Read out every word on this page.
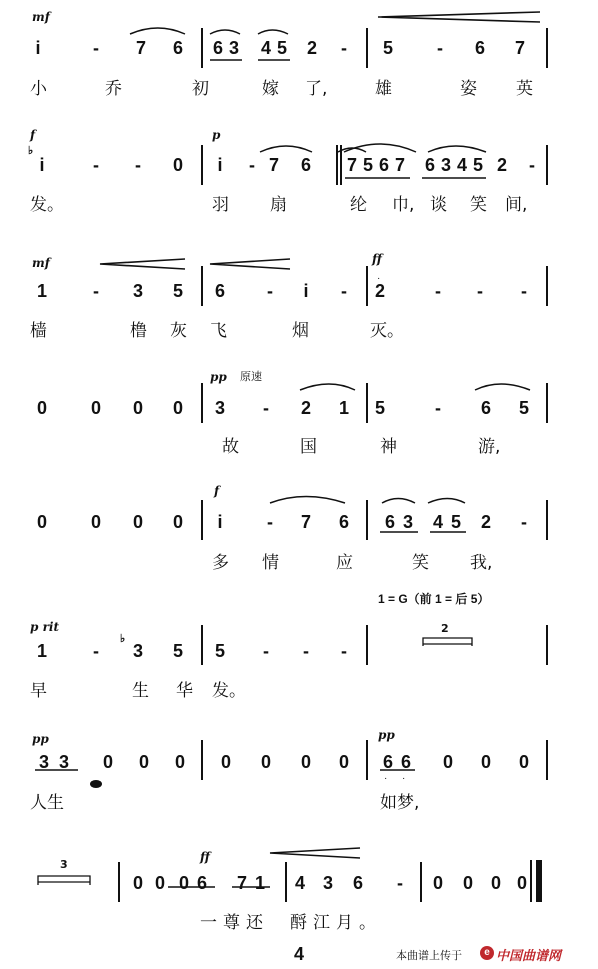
mf
i	- 7 6 6 3 4 5 2 - 5 - 6 7
小	乔	初	嫁 了,	雄	姿 英
f	p
♭
i	- - 0	i	- 7 6 7 5 6 7 6 3 4 5 2 -
发。	羽 扇	纶 巾, 谈 笑 间,
mf	ff
1	- 3 5 6 -	i	- 2
·
- - -
樯	橹 灰 飞	烟	灭。
pp 原速
0 0 0 0 3 - 2 1 5	- 6 5
故	国	神	游,
f
0 0 0 0	i	- 7 6 6 3 4 5 2 -
多 情	应	笑 我,
1 = G（前 1 = 后 5）
p rit
♭
2
1	- 3 5 5 - - -
早	生 华 发。
pp	pp
3 3 0 0 0 0 0 0 0 6 6 0 0 0
· ·
人生	如梦,
3
ff
0 0 0 6 7 1 4 3 6 - 0 0 0 0
一尊还 酹江月。
4	本曲谱上传于	e 中国曲谱网
